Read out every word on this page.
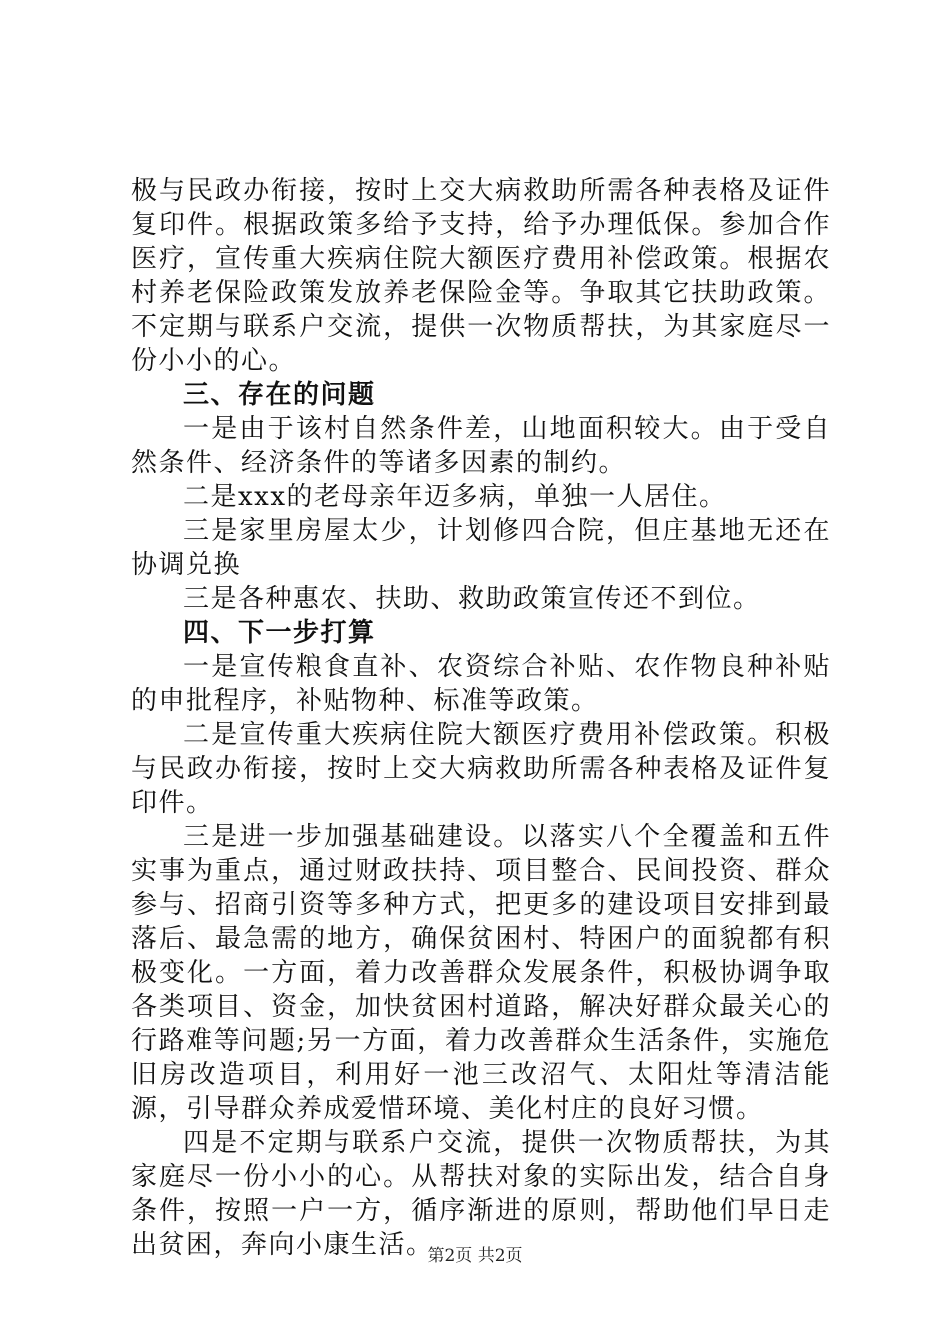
极与民政办衔接，按时上交大病救助所需各种表格及证件复印件。根据政策多给予支持，给予办理低保。参加合作医疗，宣传重大疾病住院大额医疗费用补偿政策。根据农村养老保险政策发放养老保险金等。争取其它扶助政策。不定期与联系户交流，提供一次物质帮扶，为其家庭尽一份小小的心。

三、存在的问题

一是由于该村自然条件差，山地面积较大。由于受自然条件、经济条件的等诸多因素的制约。

二是xxx的老母亲年迈多病，单独一人居住。

三是家里房屋太少，计划修四合院，但庄基地无还在协调兑换

三是各种惠农、扶助、救助政策宣传还不到位。

四、下一步打算

一是宣传粮食直补、农资综合补贴、农作物良种补贴的申批程序，补贴物种、标准等政策。

二是宣传重大疾病住院大额医疗费用补偿政策。积极与民政办衔接，按时上交大病救助所需各种表格及证件复印件。

三是进一步加强基础建设。以落实八个全覆盖和五件实事为重点，通过财政扶持、项目整合、民间投资、群众参与、招商引资等多种方式，把更多的建设项目安排到最落后、最急需的地方，确保贫困村、特困户的面貌都有积极变化。一方面，着力改善群众发展条件，积极协调争取各类项目、资金，加快贫困村道路，解决好群众最关心的行路难等问题;另一方面，着力改善群众生活条件，实施危旧房改造项目，利用好一池三改沼气、太阳灶等清洁能源，引导群众养成爱惜环境、美化村庄的良好习惯。

四是不定期与联系户交流，提供一次物质帮扶，为其家庭尽一份小小的心。从帮扶对象的实际出发，结合自身条件，按照一户一方，循序渐进的原则，帮助他们早日走出贫困，奔向小康生活。

第2页 共2页
